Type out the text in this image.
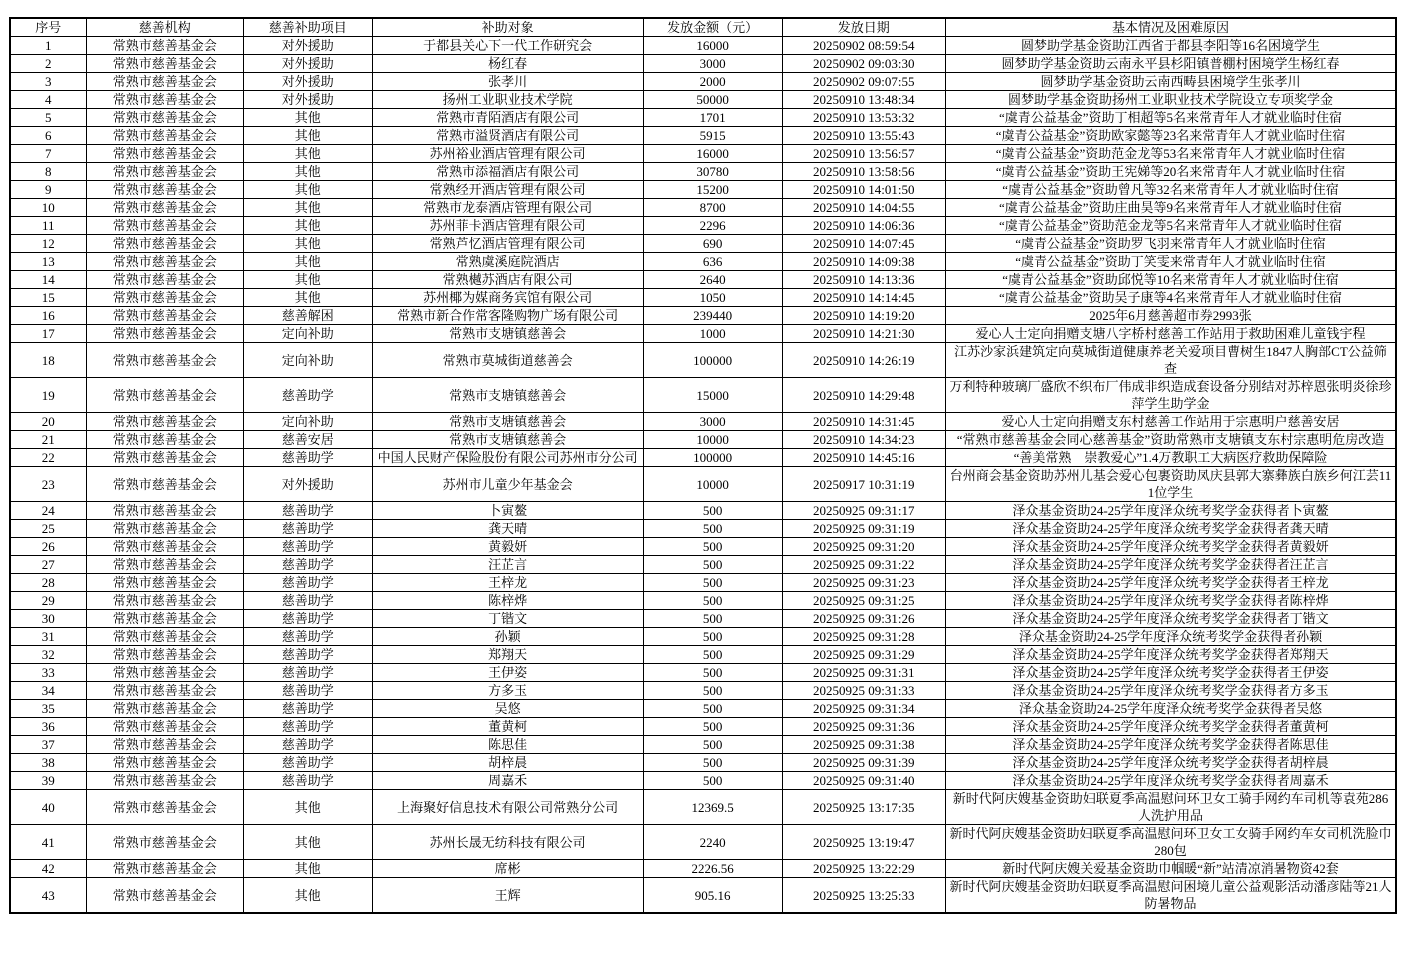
序号	慈善机构	慈善补助项目	补助对象	发放金额（元）	发放日期	基本情况及困难原因
1	常熟市慈善基金会	对外援助	于都县关心下一代工作研究会	16000	20250902 08:59:54	圆梦助学基金资助江西省于都县李阳等16名困境学生
2	常熟市慈善基金会	对外援助	杨红春	3000	20250902 09:03:30	圆梦助学基金资助云南永平县杉阳镇普棚村困境学生杨红春
3	常熟市慈善基金会	对外援助	张孝川	2000	20250902 09:07:55	圆梦助学基金资助云南西畴县困境学生张孝川
4	常熟市慈善基金会	对外援助	扬州工业职业技术学院	50000	20250910 13:48:34	圆梦助学基金资助扬州工业职业技术学院设立专项奖学金
5	常熟市慈善基金会	其他	常熟市青陌酒店有限公司	1701	20250910 13:53:32	“虞青公益基金”资助丁相超等5名来常青年人才就业临时住宿
6	常熟市慈善基金会	其他	常熟市溢贤酒店有限公司	5915	20250910 13:55:43	“虞青公益基金”资助欧家懿等23名来常青年人才就业临时住宿
7	常熟市慈善基金会	其他	苏州裕业酒店管理有限公司	16000	20250910 13:56:57	“虞青公益基金”资助范金龙等53名来常青年人才就业临时住宿
8	常熟市慈善基金会	其他	常熟市添福酒店有限公司	30780	20250910 13:58:56	“虞青公益基金”资助王宪娣等20名来常青年人才就业临时住宿
9	常熟市慈善基金会	其他	常熟经开酒店管理有限公司	15200	20250910 14:01:50	“虞青公益基金”资助曾凡等32名来常青年人才就业临时住宿
10	常熟市慈善基金会	其他	常熟市龙泰酒店管理有限公司	8700	20250910 14:04:55	“虞青公益基金”资助庄曲昊等9名来常青年人才就业临时住宿
11	常熟市慈善基金会	其他	苏州菲卡酒店管理有限公司	2296	20250910 14:06:36	“虞青公益基金”资助范金龙等5名来常青年人才就业临时住宿
12	常熟市慈善基金会	其他	常熟芦忆酒店管理有限公司	690	20250910 14:07:45	“虞青公益基金”资助罗飞羽来常青年人才就业临时住宿
13	常熟市慈善基金会	其他	常熟虞溪庭院酒店	636	20250910 14:09:38	“虞青公益基金”资助丁笑雯来常青年人才就业临时住宿
14	常熟市慈善基金会	其他	常熟樾苏酒店有限公司	2640	20250910 14:13:36	“虞青公益基金”资助邱悦等10名来常青年人才就业临时住宿
15	常熟市慈善基金会	其他	苏州椰为媒商务宾馆有限公司	1050	20250910 14:14:45	“虞青公益基金”资助吴子康等4名来常青年人才就业临时住宿
16	常熟市慈善基金会	慈善解困	常熟市新合作常客隆购物广场有限公司	239440	20250910 14:19:20	2025年6月慈善超市券2993张
17	常熟市慈善基金会	定向补助	常熟市支塘镇慈善会	1000	20250910 14:21:30	爱心人士定向捐赠支塘八字桥村慈善工作站用于救助困难儿童钱宇程
18	常熟市慈善基金会	定向补助	常熟市莫城街道慈善会	100000	20250910 14:26:19	江苏沙家浜建筑定向莫城街道健康养老关爱项目曹树生1847人胸部CT公益筛查
19	常熟市慈善基金会	慈善助学	常熟市支塘镇慈善会	15000	20250910 14:29:48	万利特种玻璃厂盛欣不织布厂伟成非织造成套设备分别结对苏梓恩张明炎徐珍萍学生助学金
20	常熟市慈善基金会	定向补助	常熟市支塘镇慈善会	3000	20250910 14:31:45	爱心人士定向捐赠支东村慈善工作站用于宗惠明户慈善安居
21	常熟市慈善基金会	慈善安居	常熟市支塘镇慈善会	10000	20250910 14:34:23	“常熟市慈善基金会同心慈善基金”资助常熟市支塘镇支东村宗惠明危房改造
22	常熟市慈善基金会	慈善助学	中国人民财产保险股份有限公司苏州市分公司	100000	20250910 14:45:16	“善美常熟　崇教爱心”1.4万教职工大病医疗救助保障险
23	常熟市慈善基金会	对外援助	苏州市儿童少年基金会	10000	20250917 10:31:19	台州商会基金资助苏州儿基会爱心包裹资助凤庆县郭大寨彝族白族乡何江芸111位学生
24	常熟市慈善基金会	慈善助学	卜寅鳌	500	20250925 09:31:17	泽众基金资助24-25学年度泽众统考奖学金获得者卜寅鳌
25	常熟市慈善基金会	慈善助学	龚天晴	500	20250925 09:31:19	泽众基金资助24-25学年度泽众统考奖学金获得者龚天晴
26	常熟市慈善基金会	慈善助学	黄毅妍	500	20250925 09:31:20	泽众基金资助24-25学年度泽众统考奖学金获得者黄毅妍
27	常熟市慈善基金会	慈善助学	汪芷言	500	20250925 09:31:22	泽众基金资助24-25学年度泽众统考奖学金获得者汪芷言
28	常熟市慈善基金会	慈善助学	王梓龙	500	20250925 09:31:23	泽众基金资助24-25学年度泽众统考奖学金获得者王梓龙
29	常熟市慈善基金会	慈善助学	陈梓烨	500	20250925 09:31:25	泽众基金资助24-25学年度泽众统考奖学金获得者陈梓烨
30	常熟市慈善基金会	慈善助学	丁锴文	500	20250925 09:31:26	泽众基金资助24-25学年度泽众统考奖学金获得者丁锴文
31	常熟市慈善基金会	慈善助学	孙颖	500	20250925 09:31:28	泽众基金资助24-25学年度泽众统考奖学金获得者孙颖
32	常熟市慈善基金会	慈善助学	郑翔天	500	20250925 09:31:29	泽众基金资助24-25学年度泽众统考奖学金获得者郑翔天
33	常熟市慈善基金会	慈善助学	王伊姿	500	20250925 09:31:31	泽众基金资助24-25学年度泽众统考奖学金获得者王伊姿
34	常熟市慈善基金会	慈善助学	方多玉	500	20250925 09:31:33	泽众基金资助24-25学年度泽众统考奖学金获得者方多玉
35	常熟市慈善基金会	慈善助学	吴悠	500	20250925 09:31:34	泽众基金资助24-25学年度泽众统考奖学金获得者吴悠
36	常熟市慈善基金会	慈善助学	董黄柯	500	20250925 09:31:36	泽众基金资助24-25学年度泽众统考奖学金获得者董黄柯
37	常熟市慈善基金会	慈善助学	陈思佳	500	20250925 09:31:38	泽众基金资助24-25学年度泽众统考奖学金获得者陈思佳
38	常熟市慈善基金会	慈善助学	胡梓晨	500	20250925 09:31:39	泽众基金资助24-25学年度泽众统考奖学金获得者胡梓晨
39	常熟市慈善基金会	慈善助学	周嘉禾	500	20250925 09:31:40	泽众基金资助24-25学年度泽众统考奖学金获得者周嘉禾
40	常熟市慈善基金会	其他	上海聚好信息技术有限公司常熟分公司	12369.5	20250925 13:17:35	新时代阿庆嫂基金资助妇联夏季高温慰问环卫女工骑手网约车司机等袁苑286人洗护用品
41	常熟市慈善基金会	其他	苏州长晟无纺科技有限公司	2240	20250925 13:19:47	新时代阿庆嫂基金资助妇联夏季高温慰问环卫女工女骑手网约车女司机洗脸巾280包
42	常熟市慈善基金会	其他	席彬	2226.56	20250925 13:22:29	新时代阿庆嫂关爱基金资助巾帼暖“新”站清凉消暑物资42套
43	常熟市慈善基金会	其他	王辉	905.16	20250925 13:25:33	新时代阿庆嫂基金资助妇联夏季高温慰问困境儿童公益观影活动潘彦陆等21人防暑物品
